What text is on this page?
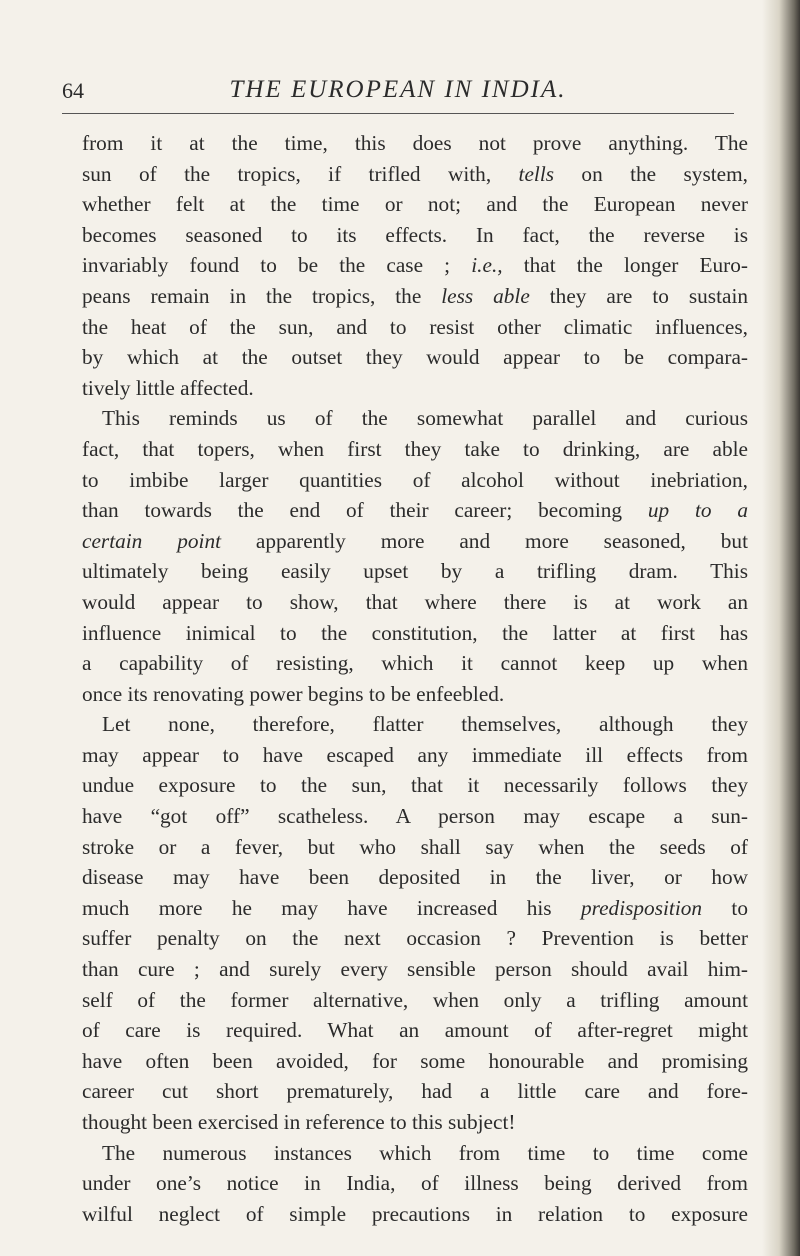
64	THE EUROPEAN IN INDIA.
from it at the time, this does not prove anything. The
sun of the tropics, if trifled with, tells on the system,
whether felt at the time or not; and the European never
becomes seasoned to its effects. In fact, the reverse is
invariably found to be the case ; i.e., that the longer Euro-
peans remain in the tropics, the less able they are to sustain
the heat of the sun, and to resist other climatic influences,
by which at the outset they would appear to be compara-
tively little affected.
This reminds us of the somewhat parallel and curious
fact, that topers, when first they take to drinking, are able
to imbibe larger quantities of alcohol without inebriation,
than towards the end of their career; becoming up to a
certain point apparently more and more seasoned, but
ultimately being easily upset by a trifling dram. This
would appear to show, that where there is at work an
influence inimical to the constitution, the latter at first has
a capability of resisting, which it cannot keep up when
once its renovating power begins to be enfeebled.
Let none, therefore, flatter themselves, although they
may appear to have escaped any immediate ill effects from
undue exposure to the sun, that it necessarily follows they
have “got off” scatheless. A person may escape a sun-
stroke or a fever, but who shall say when the seeds of
disease may have been deposited in the liver, or how
much more he may have increased his predisposition to
suffer penalty on the next occasion ? Prevention is better
than cure ; and surely every sensible person should avail him-
self of the former alternative, when only a trifling amount
of care is required. What an amount of after-regret might
have often been avoided, for some honourable and promising
career cut short prematurely, had a little care and fore-
thought been exercised in reference to this subject!
The numerous instances which from time to time come
under one’s notice in India, of illness being derived from
wilful neglect of simple precautions in relation to exposure
